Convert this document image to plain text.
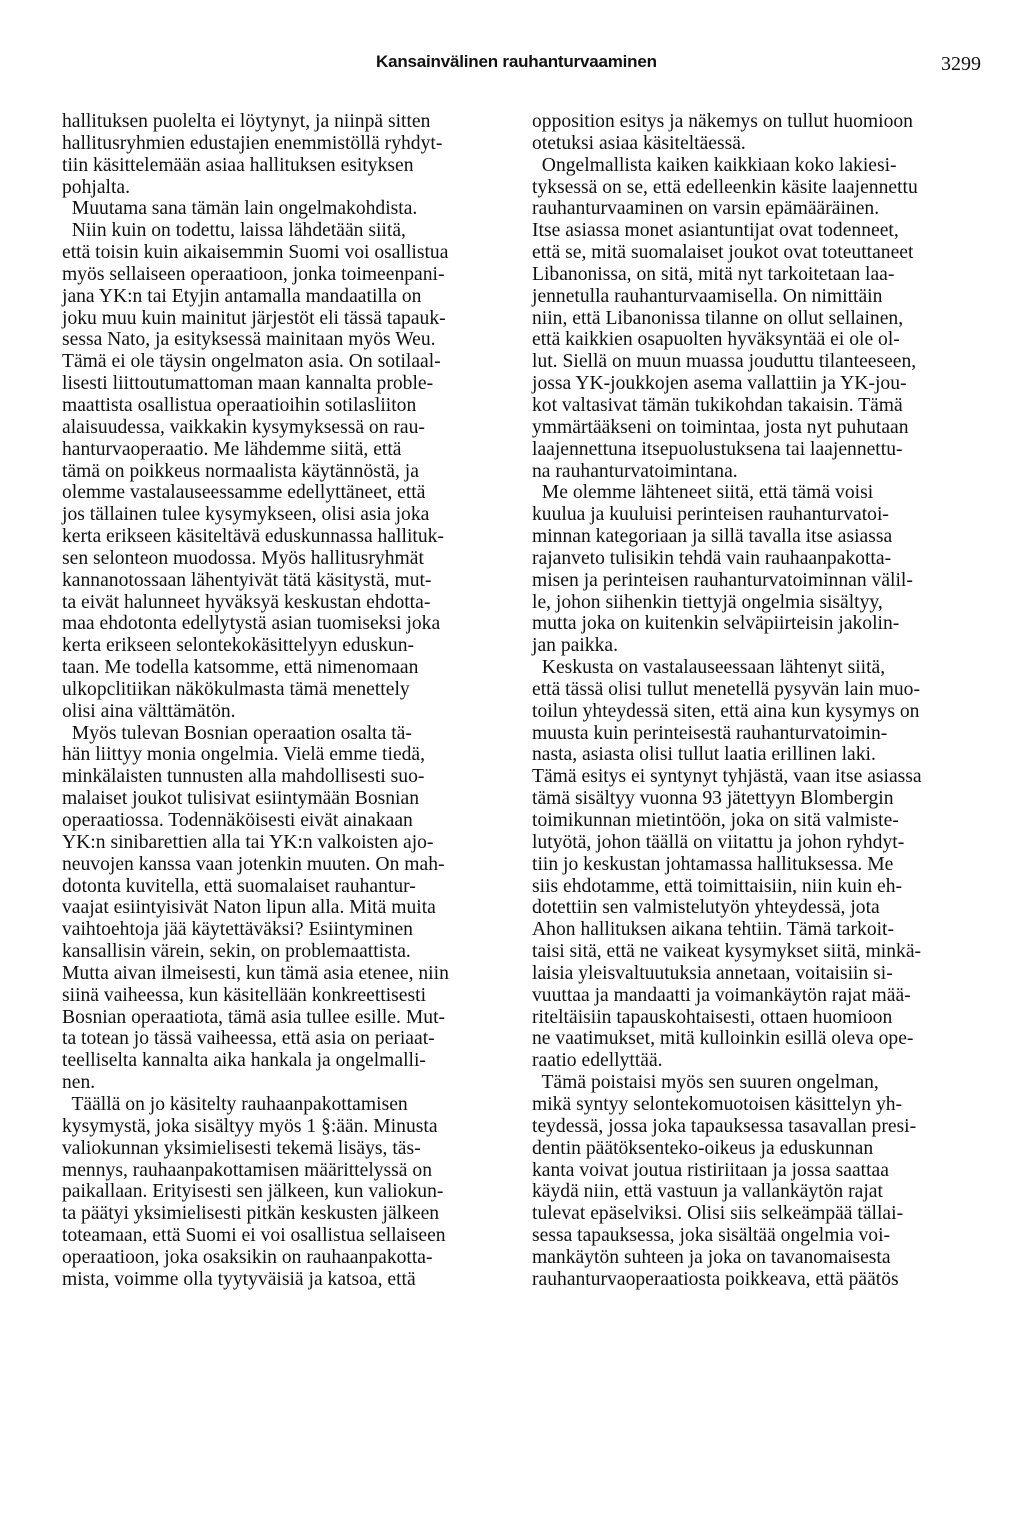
Kansainvälinen rauhanturvaaminen	3299
hallituksen puolelta ei löytynyt, ja niinpä sitten
hallitusryhmien edustajien enemmistöllä ryhdyt-
tiin käsittelemään asiaa hallituksen esityksen
pohjalta.
Muutama sana tämän lain ongelmakohdista.
Niin kuin on todettu, laissa lähdetään siitä,
että toisin kuin aikaisemmin Suomi voi osallistua
myös sellaiseen operaatioon, jonka toimeenpani-
jana YK:n tai Etyjin antamalla mandaatilla on
joku muu kuin mainitut järjestöt eli tässä tapauk-
sessa Nato, ja esityksessä mainitaan myös Weu.
Tämä ei ole täysin ongelmaton asia. On sotilaal-
lisesti liittoutumattoman maan kannalta proble-
maattista osallistua operaatioihin sotilasliiton
alaisuudessa, vaikkakin kysymyksessä on rau-
hanturvaoperaatio. Me lähdemme siitä, että
tämä on poikkeus normaalista käytännöstä, ja
olemme vastalauseessamme edellyttäneet, että
jos tällainen tulee kysymykseen, olisi asia joka
kerta erikseen käsiteltävä eduskunnassa hallituk-
sen selonteon muodossa. Myös hallitusryhmät
kannanotossaan lähentyivät tätä käsitystä, mut-
ta eivät halunneet hyväksyä keskustan ehdotta-
maa ehdotonta edellytystä asian tuomiseksi joka
kerta erikseen selontekokäsittelyyn eduskun-
taan. Me todella katsomme, että nimenomaan
ulkopclitiikan näkökulmasta tämä menettely
olisi aina välttämätön.
Myös tulevan Bosnian operaation osalta tä-
hän liittyy monia ongelmia. Vielä emme tiedä,
minkälaisten tunnusten alla mahdollisesti suo-
malaiset joukot tulisivat esiintymään Bosnian
operaatiossa. Todennäköisesti eivät ainakaan
YK:n sinibarettien alla tai YK:n valkoisten ajo-
neuvojen kanssa vaan jotenkin muuten. On mah-
dotonta kuvitella, että suomalaiset rauhantur-
vaajat esiintyisivät Naton lipun alla. Mitä muita
vaihtoehtoja jää käytettäväksi? Esiintyminen
kansallisin värein, sekin, on problemaattista.
Mutta aivan ilmeisesti, kun tämä asia etenee, niin
siinä vaiheessa, kun käsitellään konkreettisesti
Bosnian operaatiota, tämä asia tullee esille. Mut-
ta totean jo tässä vaiheessa, että asia on periaat-
teelliselta kannalta aika hankala ja ongelmalli-
nen.
Täällä on jo käsitelty rauhaanpakottamisen
kysymystä, joka sisältyy myös 1 §:ään. Minusta
valiokunnan yksimielisesti tekemä lisäys, täs-
mennys, rauhaanpakottamisen määrittelyssä on
paikallaan. Erityisesti sen jälkeen, kun valiokun-
ta päätyi yksimielisesti pitkän keskusten jälkeen
toteamaan, että Suomi ei voi osallistua sellaiseen
operaatioon, joka osaksikin on rauhaanpakotta-
mista, voimme olla tyytyväisiä ja katsoa, että
opposition esitys ja näkemys on tullut huomioon
otetuksi asiaa käsiteltäessä.
Ongelmallista kaiken kaikkiaan koko lakiesi-
tyksessä on se, että edelleenkin käsite laajennettu
rauhanturvaaminen on varsin epämääräinen.
Itse asiassa monet asiantuntijat ovat todenneet,
että se, mitä suomalaiset joukot ovat toteuttaneet
Libanonissa, on sitä, mitä nyt tarkoitetaan laa-
jennetulla rauhanturvaamisella. On nimittäin
niin, että Libanonissa tilanne on ollut sellainen,
että kaikkien osapuolten hyväksyntää ei ole ol-
lut. Siellä on muun muassa jouduttu tilanteeseen,
jossa YK-joukkojen asema vallattiin ja YK-jou-
kot valtasivat tämän tukikohdan takaisin. Tämä
ymmärtääkseni on toimintaa, josta nyt puhutaan
laajennettuna itsepuolustuksena tai laajennettu-
na rauhanturvatoimintana.
Me olemme lähteneet siitä, että tämä voisi
kuulua ja kuuluisi perinteisen rauhanturvatoi-
minnan kategoriaan ja sillä tavalla itse asiassa
rajanveto tulisikin tehdä vain rauhaanpakotta-
misen ja perinteisen rauhanturvatoiminnan välil-
le, johon siihenkin tiettyjä ongelmia sisältyy,
mutta joka on kuitenkin selväpiirteisin jakolin-
jan paikka.
Keskusta on vastalauseessaan lähtenyt siitä,
että tässä olisi tullut menetellä pysyvän lain muo-
toilun yhteydessä siten, että aina kun kysymys on
muusta kuin perinteisestä rauhanturvatoimin-
nasta, asiasta olisi tullut laatia erillinen laki.
Tämä esitys ei syntynyt tyhjästä, vaan itse asiassa
tämä sisältyy vuonna 93 jätettyyn Blombergin
toimikunnan mietintöön, joka on sitä valmiste-
lutyötä, johon täällä on viitattu ja johon ryhdyt-
tiin jo keskustan johtamassa hallituksessa. Me
siis ehdotamme, että toimittaisiin, niin kuin eh-
dotettiin sen valmistelutyön yhteydessä, jota
Ahon hallituksen aikana tehtiin. Tämä tarkoit-
taisi sitä, että ne vaikeat kysymykset siitä, minkä-
laisia yleisvaltuutuksia annetaan, voitaisiin si-
vuuttaa ja mandaatti ja voimankäytön rajat mää-
riteltäisiin tapauskohtaisesti, ottaen huomioon
ne vaatimukset, mitä kulloinkin esillä oleva ope-
raatio edellyttää.
Tämä poistaisi myös sen suuren ongelman,
mikä syntyy selontekomuotoisen käsittelyn yh-
teydessä, jossa joka tapauksessa tasavallan presi-
dentin päätöksenteko-oikeus ja eduskunnan
kanta voivat joutua ristiriitaan ja jossa saattaa
käydä niin, että vastuun ja vallankäytön rajat
tulevat epäselviksi. Olisi siis selkeämpää tällai-
sessa tapauksessa, joka sisältää ongelmia voi-
mankäytön suhteen ja joka on tavanomaisesta
rauhanturvaoperaatiosta poikkeava, että päätös
